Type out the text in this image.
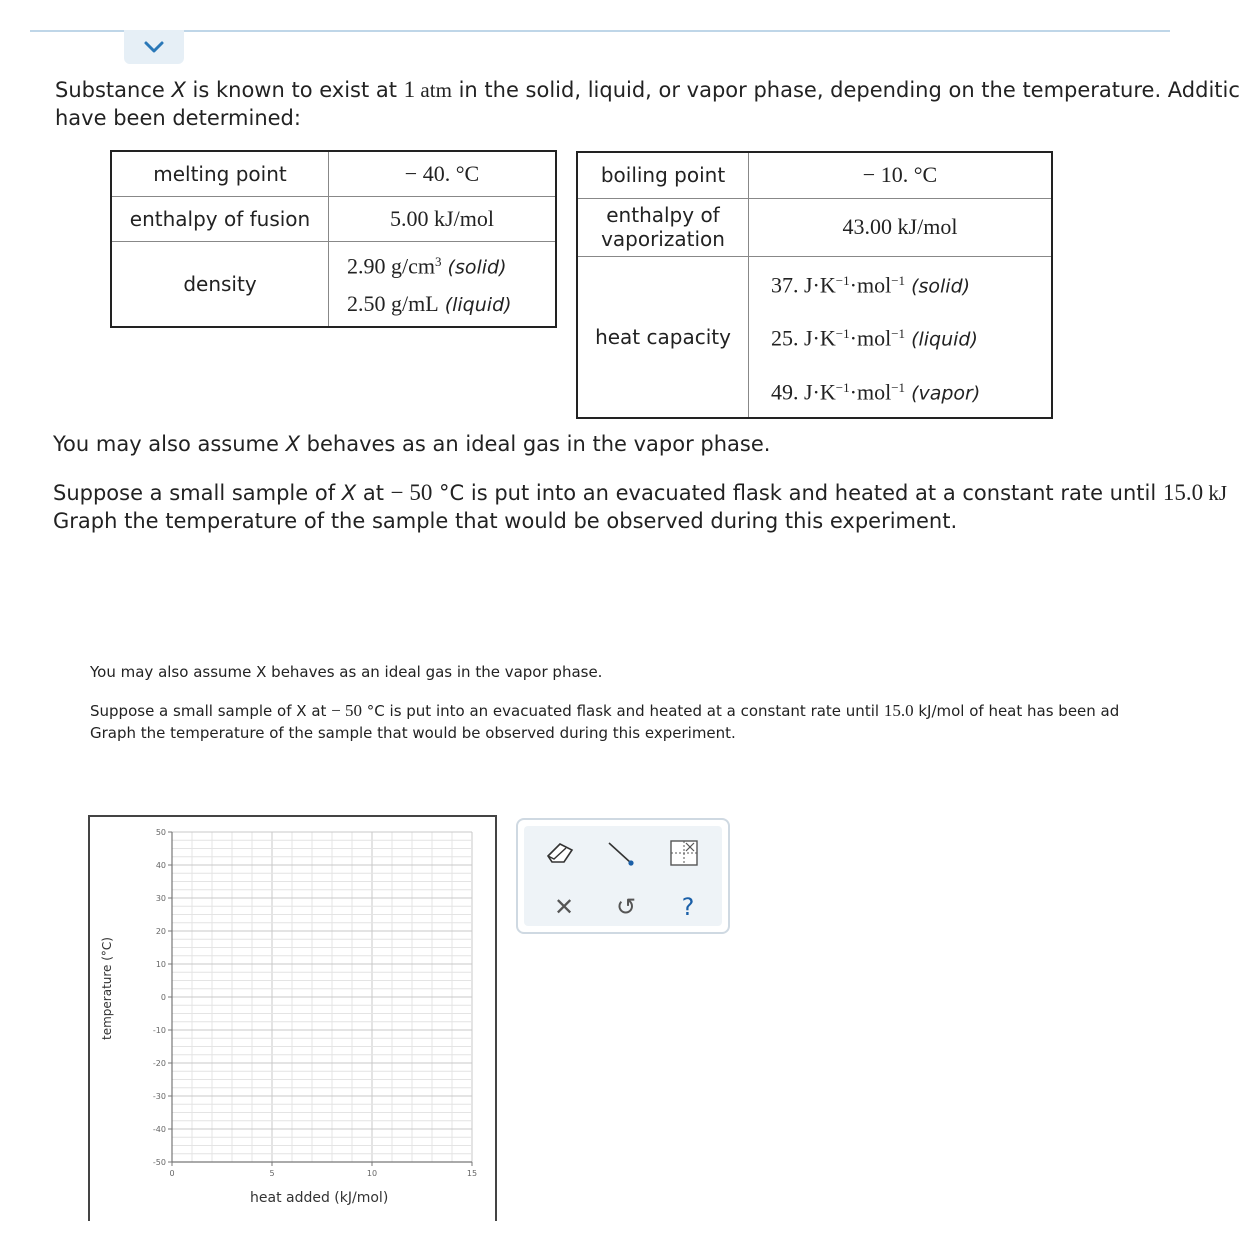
Substance X is known to exist at 1 atm in the solid, liquid, or vapor phase, depending on the temperature. Additic
have been determined:
melting point	− 40. °C
enthalpy of fusion	5.00 kJ/mol
density	2.90 $g/cm^3$ (solid)
2.50 g/mL (liquid)
boiling point	− 10. °C
enthalpy of vaporization	43.00 kJ/mol
heat capacity	37. $J\cdot K^{-1}\cdot mol^{-1}$ (solid)
25. $J\cdot K^{-1}\cdot mol^{-1}$ (liquid)
49. $J\cdot K^{-1}\cdot mol^{-1}$ (vapor)
You may also assume X behaves as an ideal gas in the vapor phase.
Suppose a small sample of X at − 50 °C is put into an evacuated flask and heated at a constant rate until 15.0 kJ
Graph the temperature of the sample that would be observed during this experiment.
You may also assume X behaves as an ideal gas in the vapor phase.
Suppose a small sample of X at − 50 °C is put into an evacuated flask and heated at a constant rate until 15.0 kJ/mol of heat has been ad
Graph the temperature of the sample that would be observed during this experiment.
temperature (°C)
50
40
30
20
10
0
-10
-20
-30
-40
-50
0	5	10	15
heat added (kJ/mol)
✕ ↺ ?
